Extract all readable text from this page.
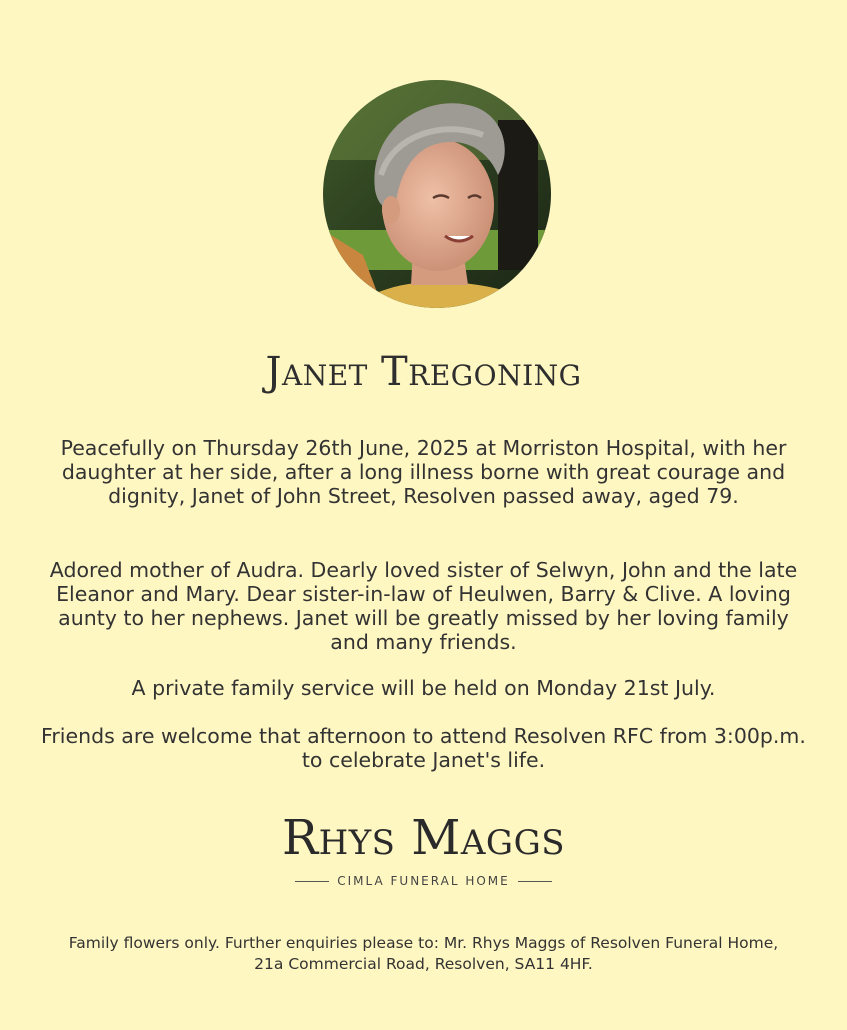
Janet Tregoning
Peacefully on Thursday 26th June, 2025 at Morriston Hospital, with her daughter at her side, after a long illness borne with great courage and dignity, Janet of John Street, Resolven passed away, aged 79.
Adored mother of Audra. Dearly loved sister of Selwyn, John and the late Eleanor and Mary. Dear sister-in-law of Heulwen, Barry & Clive. A loving aunty to her nephews. Janet will be greatly missed by her loving family and many friends.
A private family service will be held on Monday 21st July.
Friends are welcome that afternoon to attend Resolven RFC from 3:00p.m. to celebrate Janet's life.
Rhys Maggs
CIMLA FUNERAL HOME
Family flowers only. Further enquiries please to: Mr. Rhys Maggs of Resolven Funeral Home, 21a Commercial Road, Resolven, SA11 4HF.
